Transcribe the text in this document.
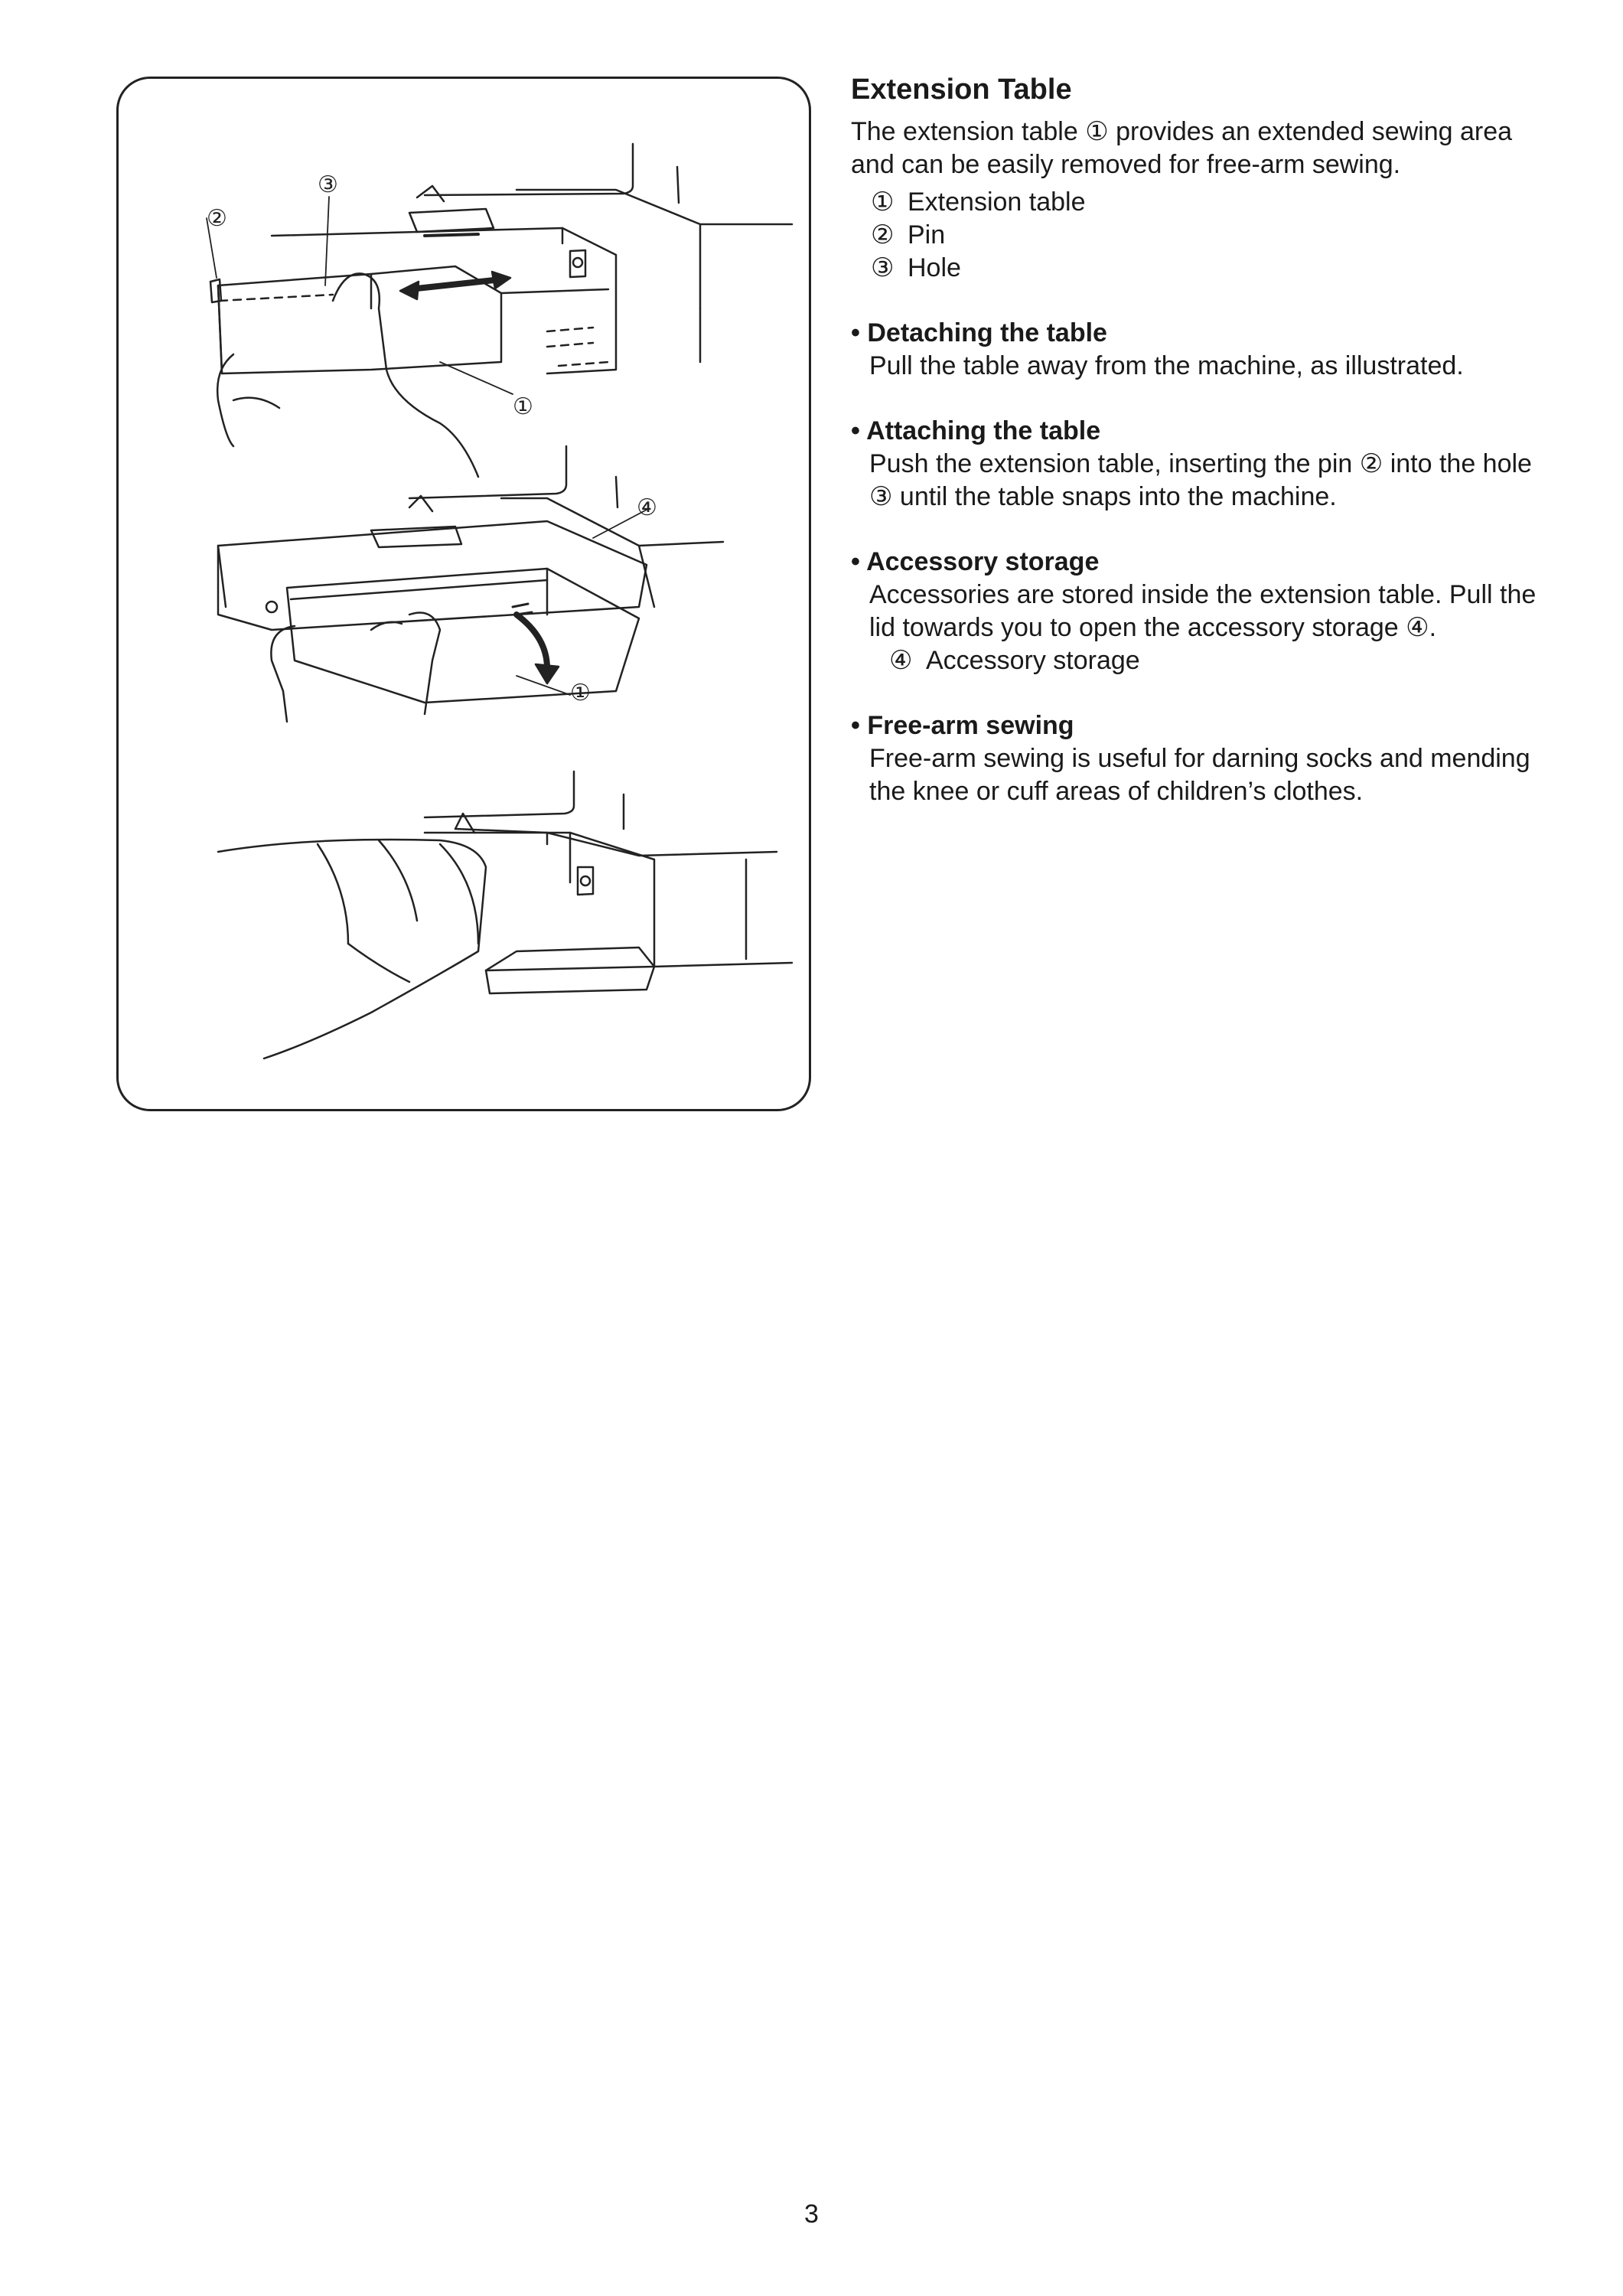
②
③
①
④
①
Extension Table

The extension table ① provides an extended sewing area and can be easily removed for free-arm sewing.

① Extension table
② Pin
③ Hole
• Detaching the table

Pull the table away from the machine, as illustrated.

• Attaching the table

Push the extension table, inserting the pin ② into the hole ③ until the table snaps into the machine.

• Accessory storage

Accessories are stored inside the extension table. Pull the lid towards you to open the accessory storage ④.

④ Accessory storage
• Free-arm sewing

Free-arm sewing is useful for darning socks and mending the knee or cuff areas of children’s clothes.

3
